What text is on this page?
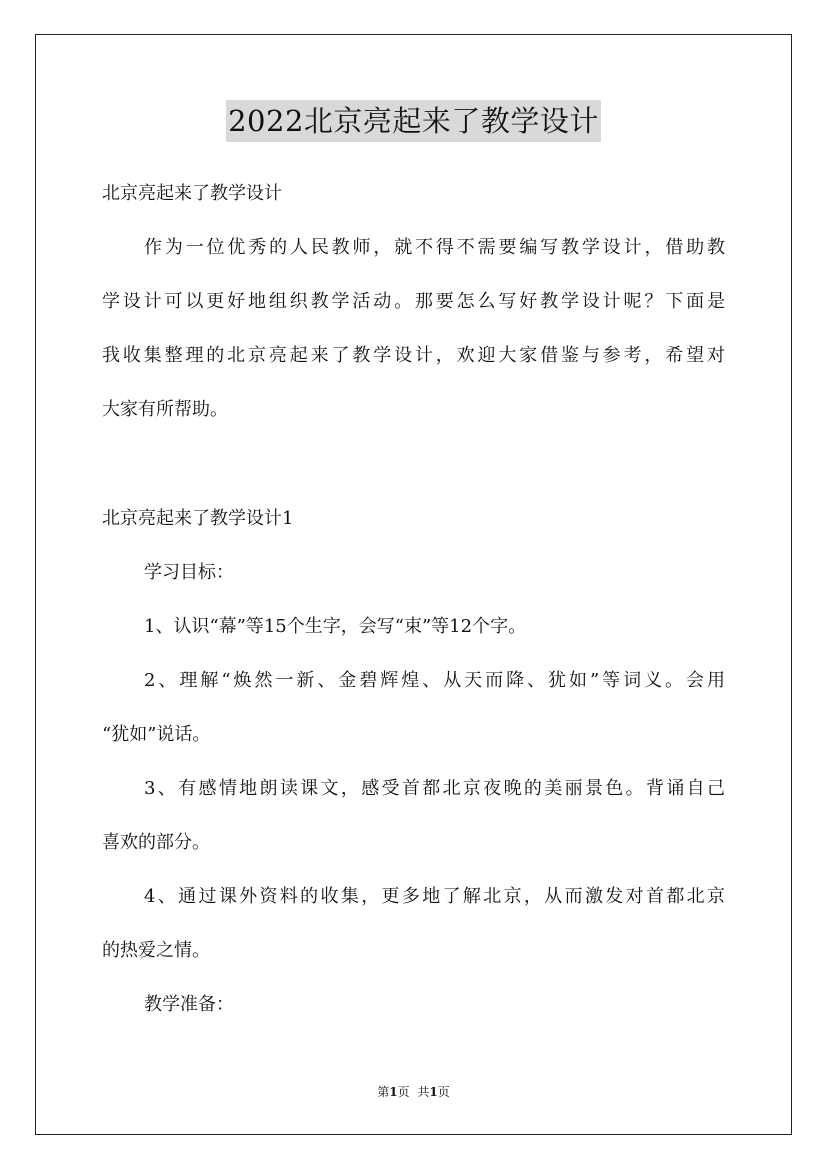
2022北京亮起来了教学设计
北京亮起来了教学设计
作为一位优秀的人民教师，就不得不需要编写教学设计，借助教
学设计可以更好地组织教学活动。那要怎么写好教学设计呢？下面是
我收集整理的北京亮起来了教学设计，欢迎大家借鉴与参考，希望对
大家有所帮助。
北京亮起来了教学设计1
学习目标：
1、认识“幕”等15个生字，会写“束”等12个字。
2、理解“焕然一新、金碧辉煌、从天而降、犹如”等词义。会用
“犹如”说话。
3、有感情地朗读课文，感受首都北京夜晚的美丽景色。背诵自己
喜欢的部分。
4、通过课外资料的收集，更多地了解北京，从而激发对首都北京
的热爱之情。
教学准备：
第1页 共1页
